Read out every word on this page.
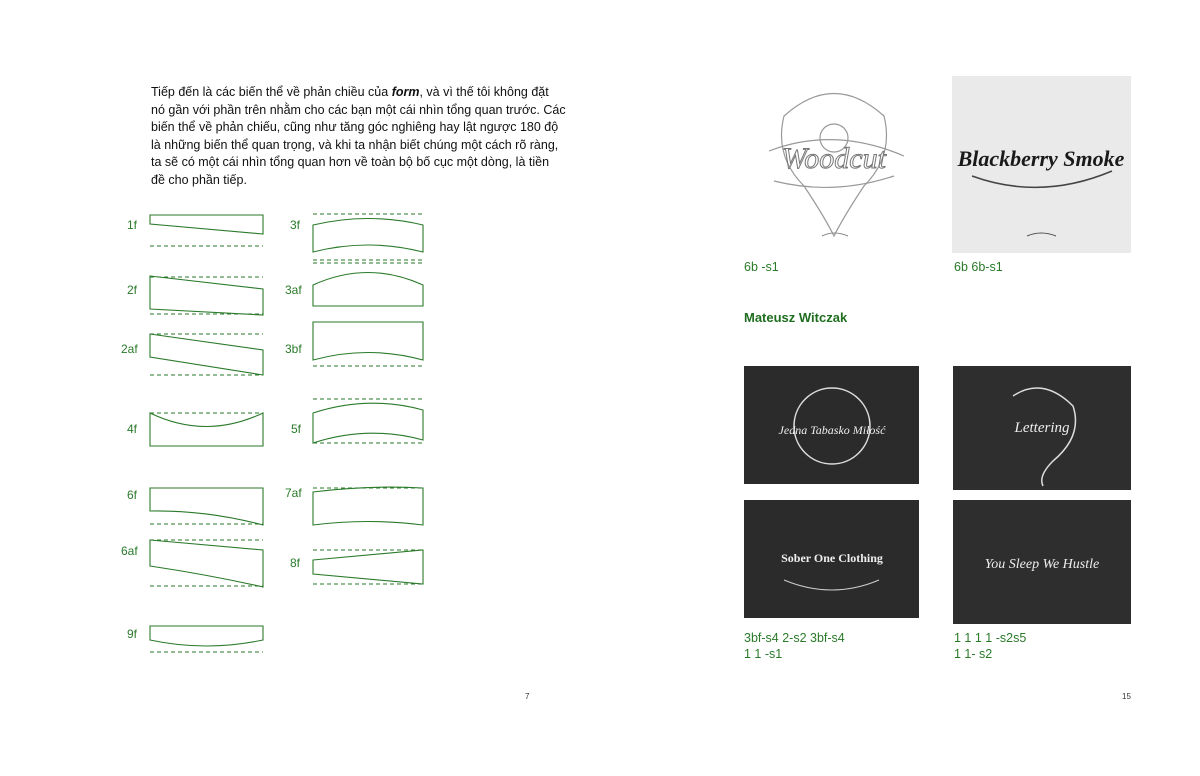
Tiếp đến là các biến thể về phản chiều của form, và vì thế tôi không đặt
nó gần với phần trên nhằm cho các bạn một cái nhìn tổng quan trước. Các
biến thể về phản chiếu, cũng như tăng góc nghiêng hay lật ngược 180 độ
là những biến thể quan trọng, và khi ta nhận biết chúng một cách rõ ràng,
ta sẽ có một cái nhìn tổng quan hơn về toàn bộ bố cục một dòng, là tiền
đề cho phần tiếp.
1f
2f
2af
4f
6f
6af
9f
3f
3af
3bf
5f
7af
8f
7
Woodcut	Blackberry Smoke
6b -s1	6b 6b-s1
Mateusz Witczak
Jedna Tabasko Miłość	Lettering
Sober One Clothing	You Sleep We Hustle
3bf-s4 2-s2 3bf-s4
1 1 -s1
1 1 1 1 -s2s5
1 1- s2
15
